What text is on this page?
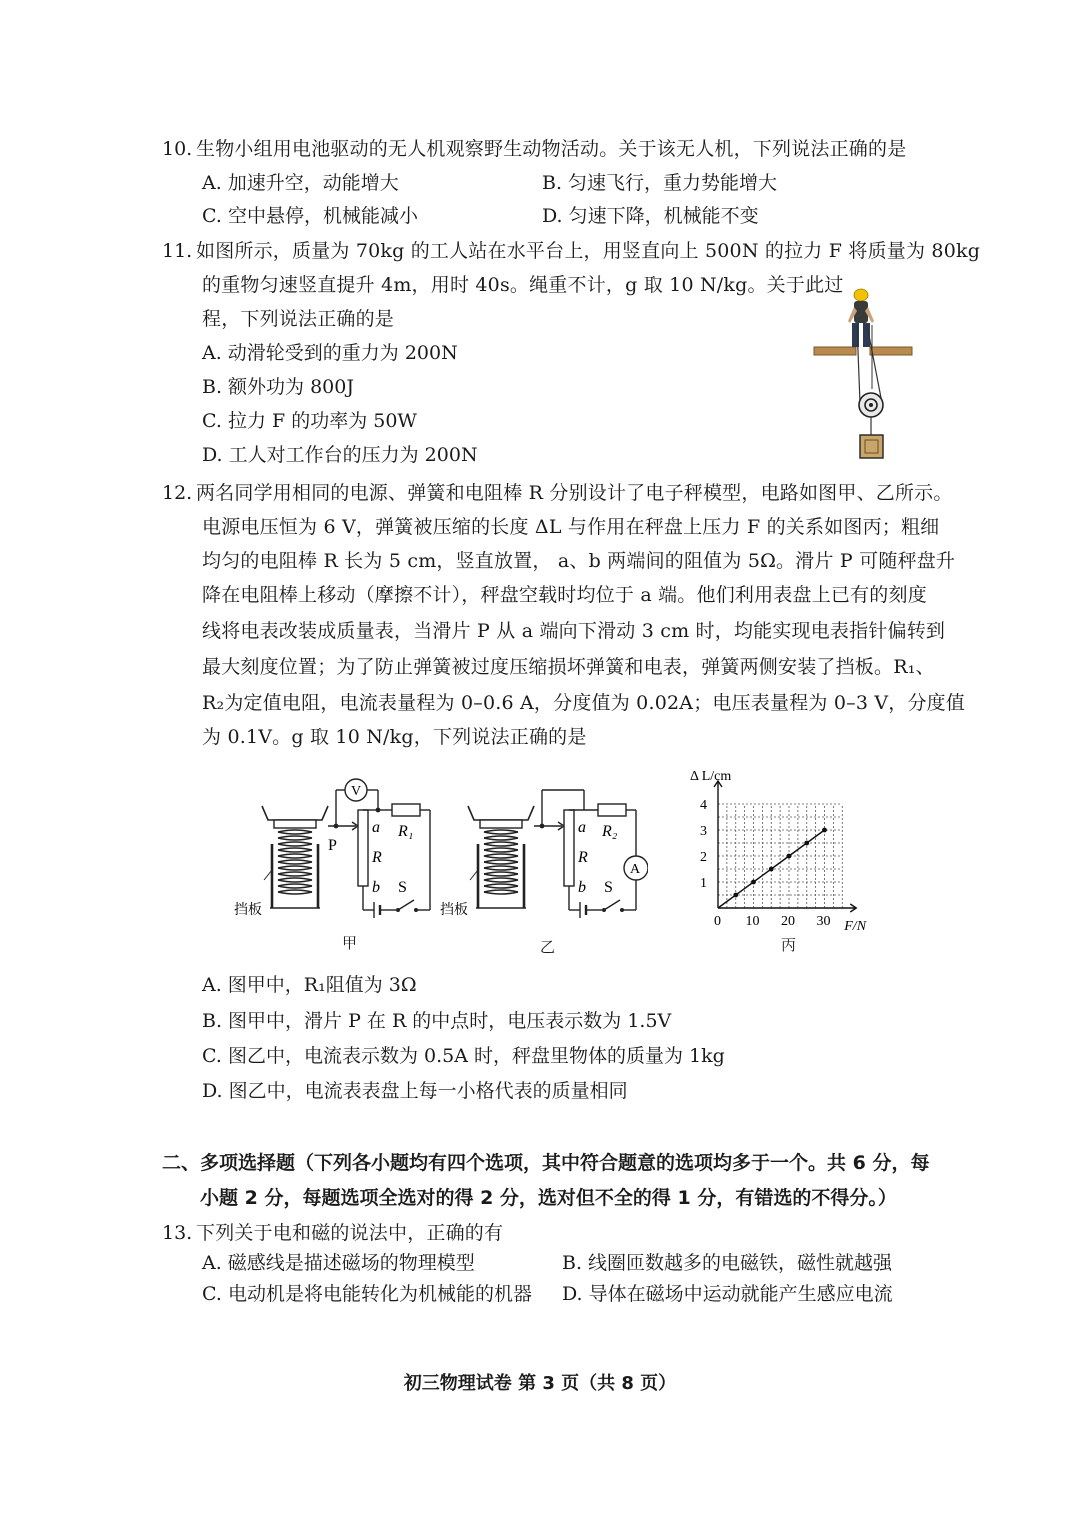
10. 生物小组用电池驱动的无人机观察野生动物活动。关于该无人机，下列说法正确的是
A. 加速升空，动能增大	B. 匀速飞行，重力势能增大
C. 空中悬停，机械能减小	D. 匀速下降，机械能不变
11. 如图所示，质量为 70kg 的工人站在水平台上，用竖直向上 500N 的拉力 F 将质量为 80kg
的重物匀速竖直提升 4m，用时 40s。绳重不计，g 取 10 N/kg。关于此过
程，下列说法正确的是
A. 动滑轮受到的重力为 200N
B. 额外功为 800J
C. 拉力 F 的功率为 50W
D. 工人对工作台的压力为 200N
12. 两名同学用相同的电源、弹簧和电阻棒 R 分别设计了电子秤模型，电路如图甲、乙所示。
电源电压恒为 6 V，弹簧被压缩的长度 ΔL 与作用在秤盘上压力 F 的关系如图丙；粗细
均匀的电阻棒 R 长为 5 cm，竖直放置， a、b 两端间的阻值为 5Ω。滑片 P 可随秤盘升
降在电阻棒上移动（摩擦不计），秤盘空载时均位于 a 端。他们利用表盘上已有的刻度
线将电表改装成质量表，当滑片 P 从 a 端向下滑动 3 cm 时，均能实现电表指针偏转到
最大刻度位置；为了防止弹簧被过度压缩损坏弹簧和电表，弹簧两侧安装了挡板。R₁、
R₂为定值电阻，电流表量程为 0–0.6 A，分度值为 0.02A；电压表量程为 0–3 V，分度值
为 0.1V。g 取 10 N/kg，下列说法正确的是
V
P
a
R
b S
R₁
挡板
甲
A
a
R
b S
R₂
挡板
乙
0 10 20 30
1
2
3
4
Δ L/cm
F/N
丙
A. 图甲中，R₁阻值为 3Ω
B. 图甲中，滑片 P 在 R 的中点时，电压表示数为 1.5V
C. 图乙中，电流表示数为 0.5A 时，秤盘里物体的质量为 1kg
D. 图乙中，电流表表盘上每一小格代表的质量相同
二、多项选择题（下列各小题均有四个选项，其中符合题意的选项均多于一个。共 6 分，每
小题 2 分，每题选项全选对的得 2 分，选对但不全的得 1 分，有错选的不得分。）
13. 下列关于电和磁的说法中，正确的有
A. 磁感线是描述磁场的物理模型	B. 线圈匝数越多的电磁铁，磁性就越强
C. 电动机是将电能转化为机械能的机器 D. 导体在磁场中运动就能产生感应电流
初三物理试卷 第 3 页（共 8 页）
